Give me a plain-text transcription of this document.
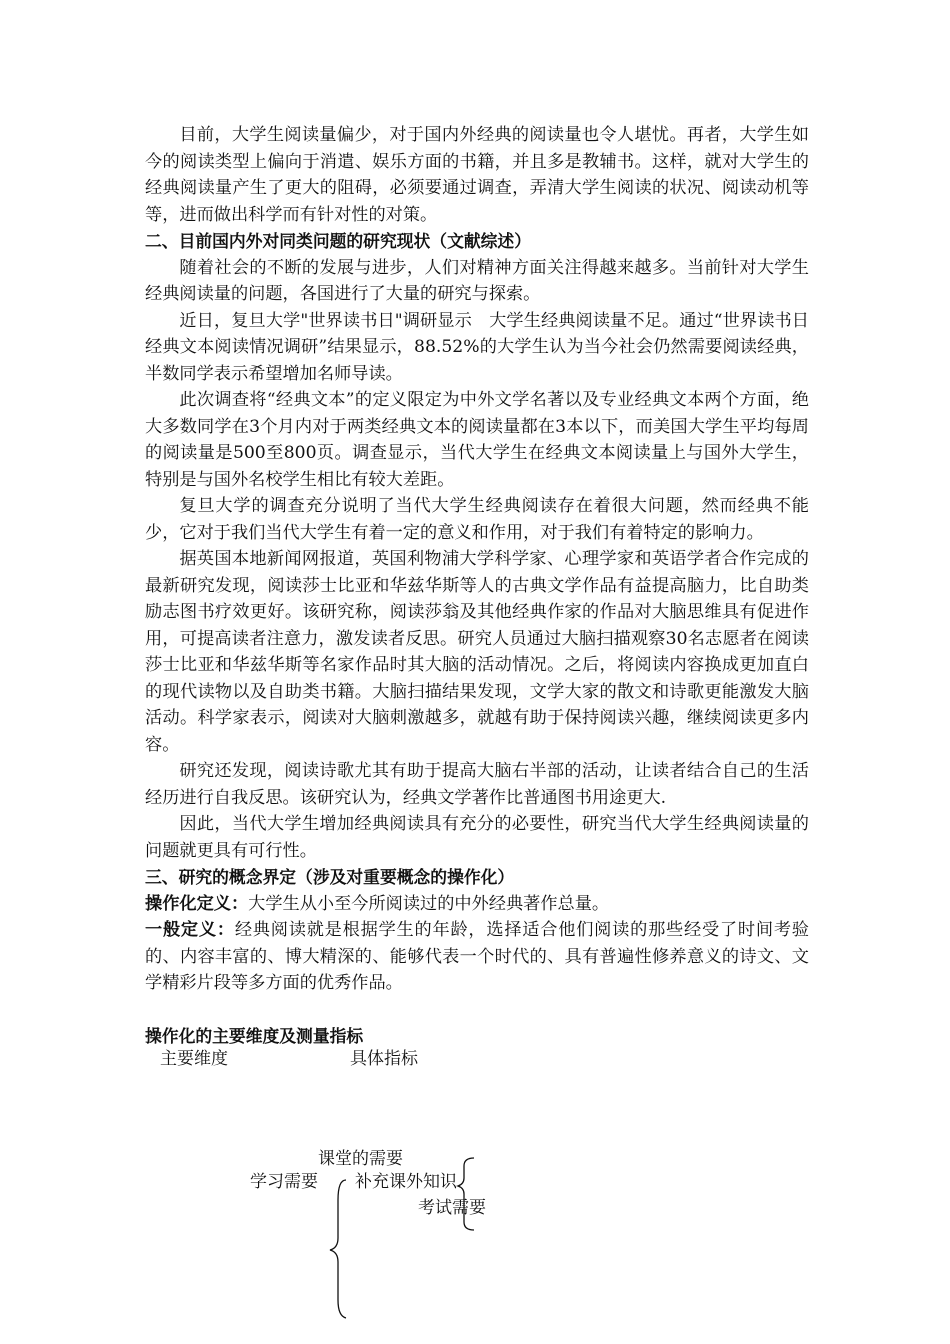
目前，大学生阅读量偏少，对于国内外经典的阅读量也令人堪忧。再者，大学生如今的阅读类型上偏向于消遣、娱乐方面的书籍，并且多是教辅书。这样，就对大学生的经典阅读量产生了更大的阻碍，必须要通过调查，弄清大学生阅读的状况、阅读动机等等，进而做出科学而有针对性的对策。

二、目前国内外对同类问题的研究现状（文献综述）

随着社会的不断的发展与进步，人们对精神方面关注得越来越多。当前针对大学生经典阅读量的问题，各国进行了大量的研究与探索。

近日，复旦大学"世界读书日"调研显示　大学生经典阅读量不足。通过“世界读书日经典文本阅读情况调研”结果显示，88.52%的大学生认为当今社会仍然需要阅读经典，半数同学表示希望增加名师导读。

此次调查将“经典文本”的定义限定为中外文学名著以及专业经典文本两个方面，绝大多数同学在3个月内对于两类经典文本的阅读量都在3本以下，而美国大学生平均每周的阅读量是500至800页。调查显示，当代大学生在经典文本阅读量上与国外大学生，特别是与国外名校学生相比有较大差距。

复旦大学的调查充分说明了当代大学生经典阅读存在着很大问题，然而经典不能少，它对于我们当代大学生有着一定的意义和作用，对于我们有着特定的影响力。

据英国本地新闻网报道，英国利物浦大学科学家、心理学家和英语学者合作完成的最新研究发现，阅读莎士比亚和华兹华斯等人的古典文学作品有益提高脑力，比自助类励志图书疗效更好。该研究称，阅读莎翁及其他经典作家的作品对大脑思维具有促进作用，可提高读者注意力，激发读者反思。研究人员通过大脑扫描观察30名志愿者在阅读莎士比亚和华兹华斯等名家作品时其大脑的活动情况。之后，将阅读内容换成更加直白的现代读物以及自助类书籍。大脑扫描结果发现，文学大家的散文和诗歌更能激发大脑活动。科学家表示，阅读对大脑刺激越多，就越有助于保持阅读兴趣，继续阅读更多内容。

研究还发现，阅读诗歌尤其有助于提高大脑右半部的活动，让读者结合自己的生活经历进行自我反思。该研究认为，经典文学著作比普通图书用途更大.

因此，当代大学生增加经典阅读具有充分的必要性，研究当代大学生经典阅读量的问题就更具有可行性。

三、研究的概念界定（涉及对重要概念的操作化）

操作化定义：大学生从小至今所阅读过的中外经典著作总量。

一般定义：经典阅读就是根据学生的年龄，选择适合他们阅读的那些经受了时间考验的、内容丰富的、博大精深的、能够代表一个时代的、具有普遍性修养意义的诗文、文学精彩片段等多方面的优秀作品。

操作化的主要维度及测量指标

主要维度	具体指标
课堂的需要
学习需要 补充课外知识
考试需要
